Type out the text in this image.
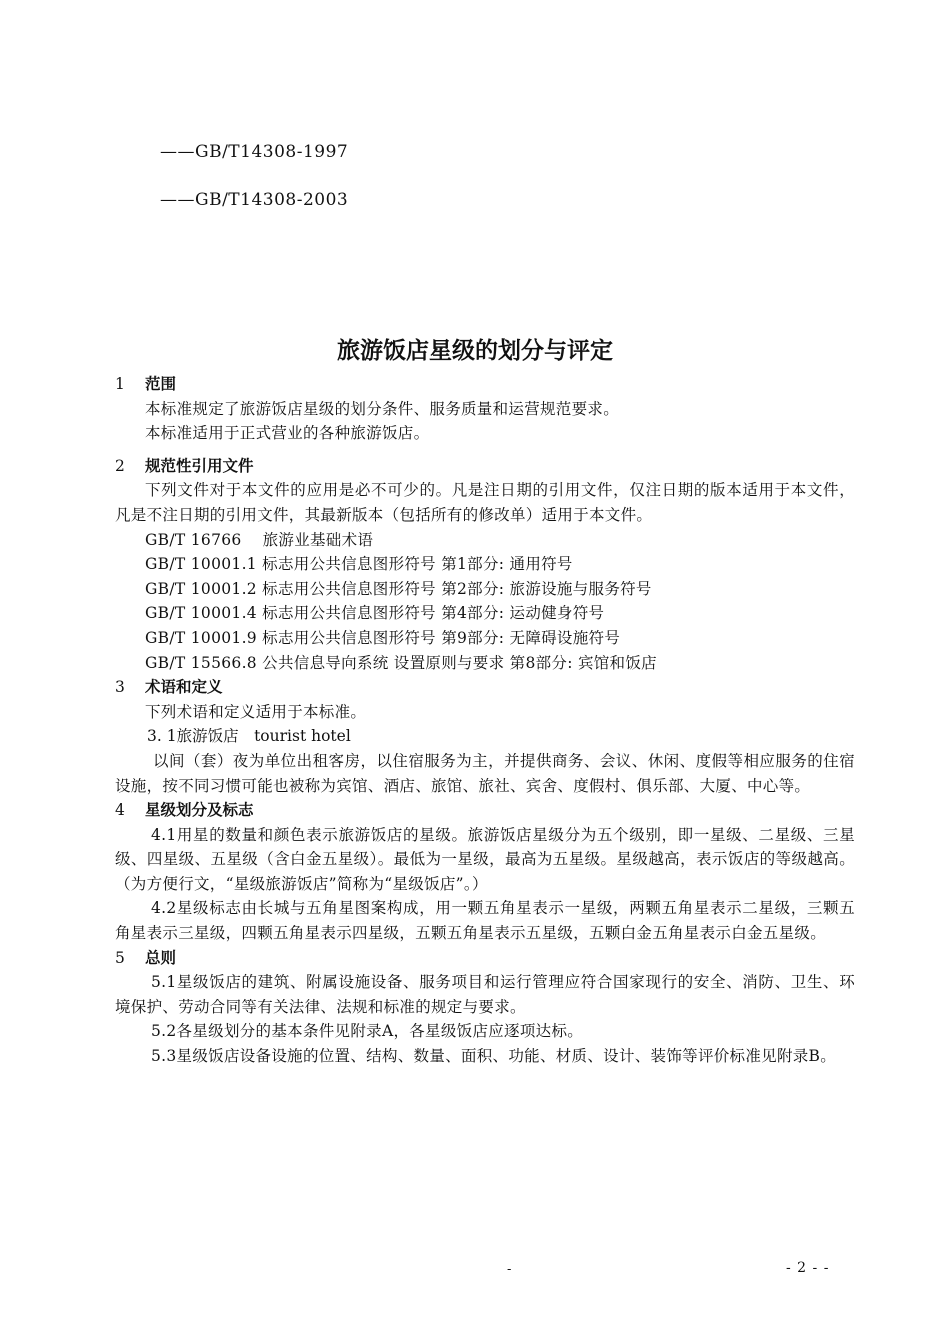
——GB/T14308-1997
——GB/T14308-2003
旅游饭店星级的划分与评定
1 范围
本标准规定了旅游饭店星级的划分条件、服务质量和运营规范要求。
本标准适用于正式营业的各种旅游饭店。
2 规范性引用文件
下列文件对于本文件的应用是必不可少的。凡是注日期的引用文件，仅注日期的版本适用于本文件，凡是不注日期的引用文件，其最新版本（包括所有的修改单）适用于本文件。
GB/T 16766　 旅游业基础术语
GB/T 10001.1 标志用公共信息图形符号 第1部分: 通用符号
GB/T 10001.2 标志用公共信息图形符号 第2部分: 旅游设施与服务符号
GB/T 10001.4 标志用公共信息图形符号 第4部分: 运动健身符号
GB/T 10001.9 标志用公共信息图形符号 第9部分: 无障碍设施符号
GB/T 15566.8 公共信息导向系统 设置原则与要求 第8部分: 宾馆和饭店
3 术语和定义
下列术语和定义适用于本标准。
3. 1旅游饭店　tourist hotel
以间（套）夜为单位出租客房，以住宿服务为主，并提供商务、会议、休闲、度假等相应服务的住宿设施，按不同习惯可能也被称为宾馆、酒店、旅馆、旅社、宾舍、度假村、俱乐部、大厦、中心等。
4 星级划分及标志
4.1用星的数量和颜色表示旅游饭店的星级。旅游饭店星级分为五个级别，即一星级、二星级、三星级、四星级、五星级（含白金五星级）。最低为一星级，最高为五星级。星级越高，表示饭店的等级越高。（为方便行文，“星级旅游饭店”简称为“星级饭店”。）
4.2星级标志由长城与五角星图案构成，用一颗五角星表示一星级，两颗五角星表示二星级，三颗五角星表示三星级，四颗五角星表示四星级，五颗五角星表示五星级，五颗白金五角星表示白金五星级。
5 总则
5.1星级饭店的建筑、附属设施设备、服务项目和运行管理应符合国家现行的安全、消防、卫生、环境保护、劳动合同等有关法律、法规和标准的规定与要求。
5.2各星级划分的基本条件见附录A，各星级饭店应逐项达标。
5.3星级饭店设备设施的位置、结构、数量、面积、功能、材质、设计、装饰等评价标准见附录B。
-	- 2 - -
